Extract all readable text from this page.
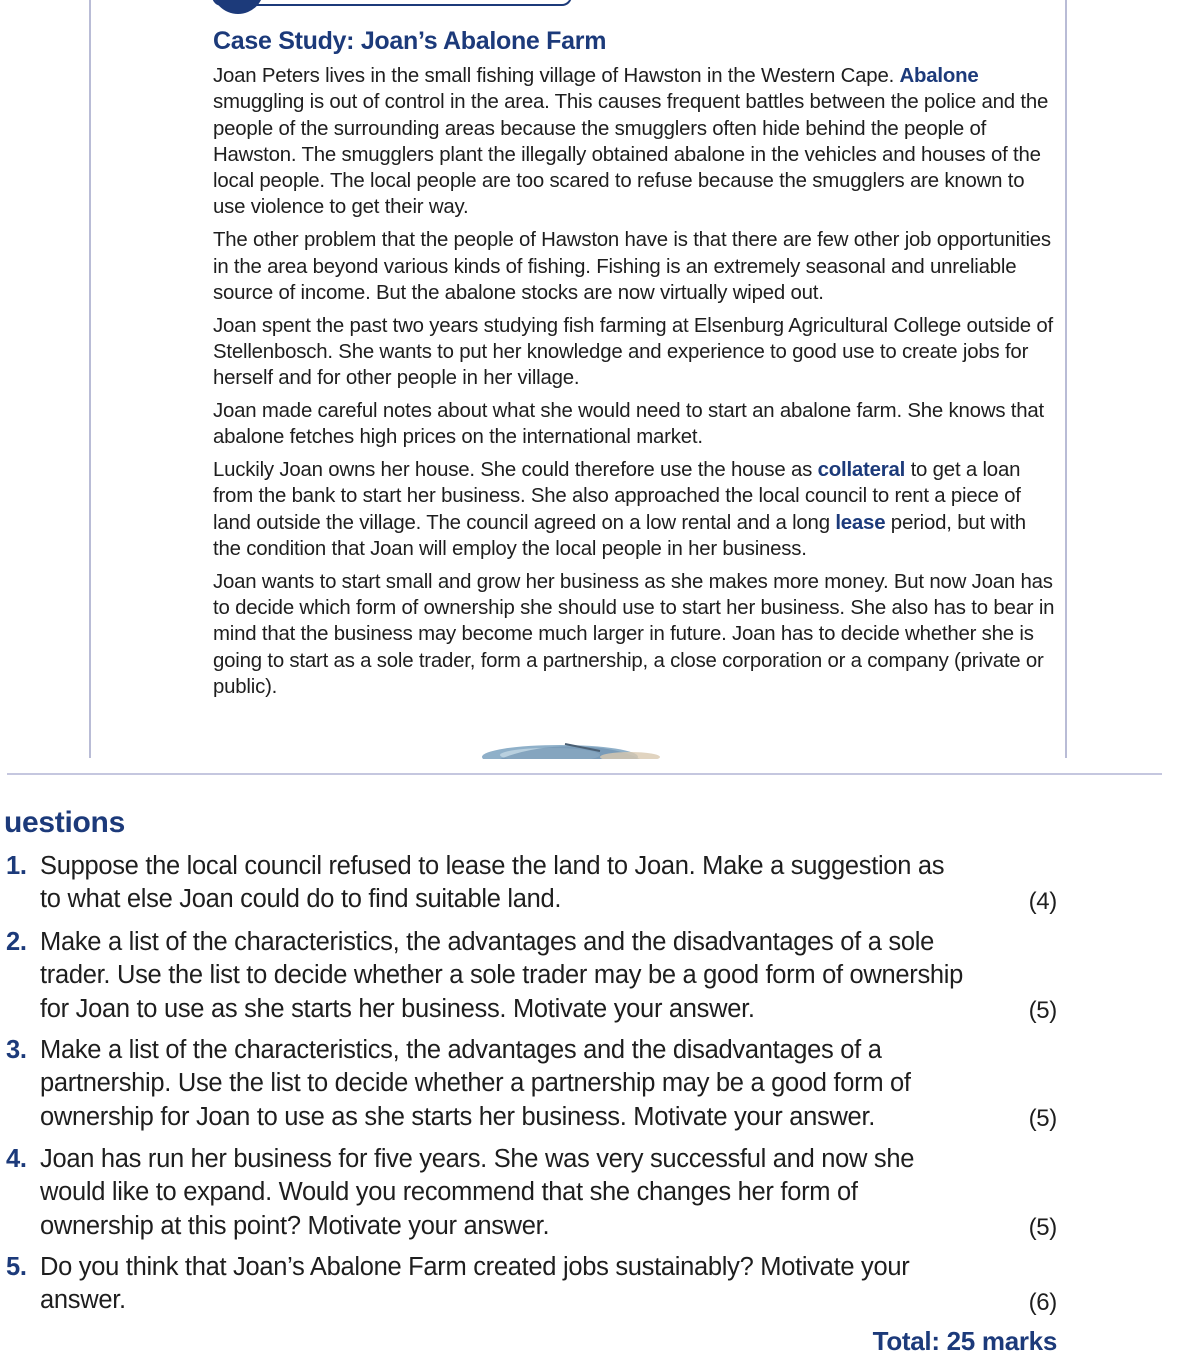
Case Study: Joan’s Abalone Farm

Joan Peters lives in the small fishing village of Hawston in the Western Cape. Abalone smuggling is out of control in the area. This causes frequent battles between the police and the people of the surrounding areas because the smugglers often hide behind the people of Hawston. The smugglers plant the illegally obtained abalone in the vehicles and houses of the local people. The local people are too scared to refuse because the smugglers are known to use violence to get their way.

The other problem that the people of Hawston have is that there are few other job opportunities in the area beyond various kinds of fishing. Fishing is an extremely seasonal and unreliable source of income. But the abalone stocks are now virtually wiped out.

Joan spent the past two years studying fish farming at Elsenburg Agricultural College outside of Stellenbosch. She wants to put her knowledge and experience to good use to create jobs for herself and for other people in her village.

Joan made careful notes about what she would need to start an abalone farm. She knows that abalone fetches high prices on the international market.

Luckily Joan owns her house. She could therefore use the house as collateral to get a loan from the bank to start her business. She also approached the local council to rent a piece of land outside the village. The council agreed on a low rental and a long lease period, but with the condition that Joan will employ the local people in her business.

Joan wants to start small and grow her business as she makes more money. But now Joan has to decide which form of ownership she should use to start her business. She also has to bear in mind that the business may become much larger in future. Joan has to decide whether she is going to start as a sole trader, form a partnership, a close corporation or a company (private or public).

uestions
1. Suppose the local council refused to lease the land to Joan. Make a suggestion as to what else Joan could do to find suitable land.	(4)
2. Make a list of the characteristics, the advantages and the disadvantages of a sole trader. Use the list to decide whether a sole trader may be a good form of ownership for Joan to use as she starts her business. Motivate your answer.	(5)
3. Make a list of the characteristics, the advantages and the disadvantages of a partnership. Use the list to decide whether a partnership may be a good form of ownership for Joan to use as she starts her business. Motivate your answer.	(5)
4. Joan has run her business for five years. She was very successful and now she would like to expand. Would you recommend that she changes her form of ownership at this point? Motivate your answer.	(5)
5. Do you think that Joan’s Abalone Farm created jobs sustainably? Motivate your answer.	(6)
Total: 25 marks
